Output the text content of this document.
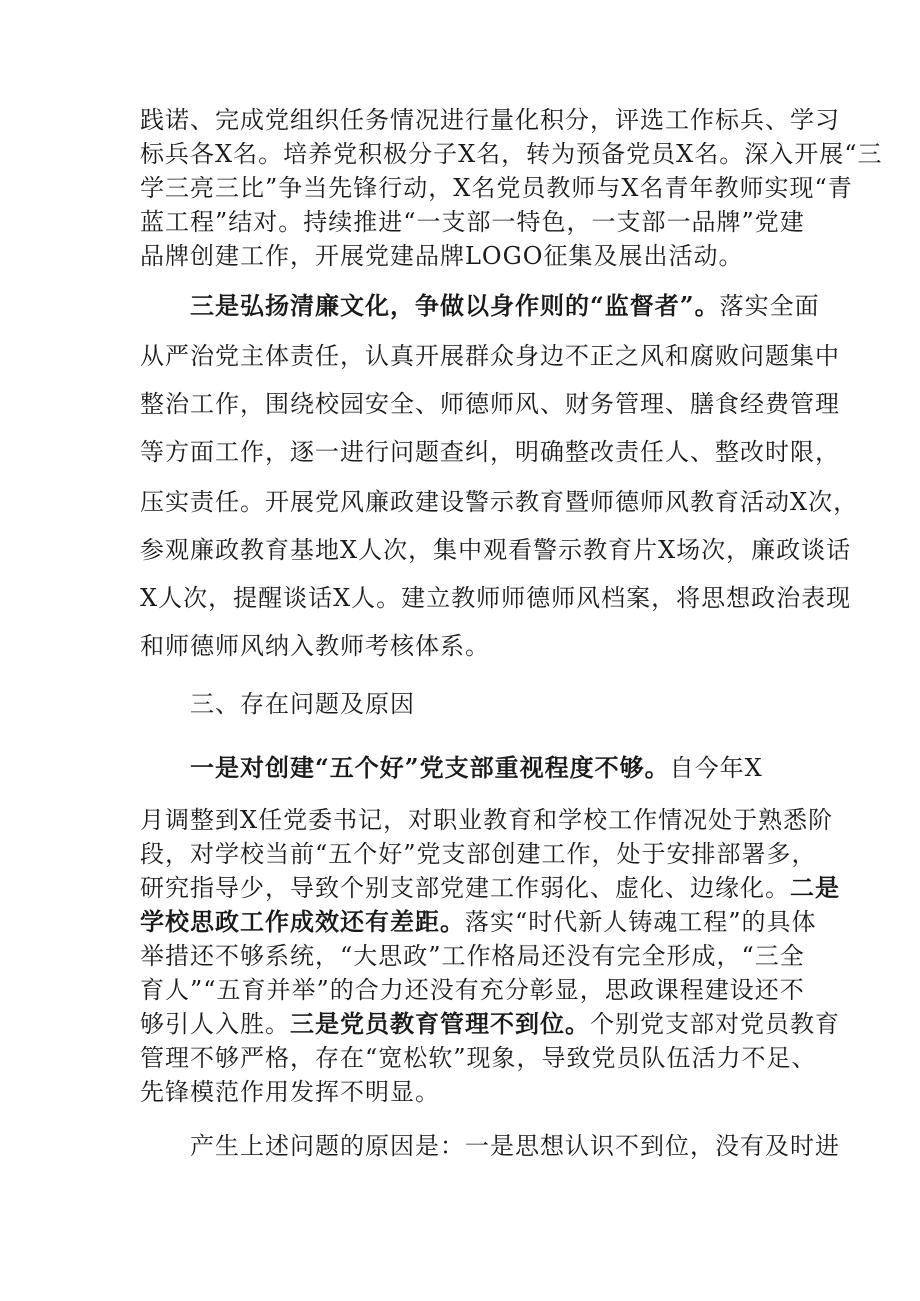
践诺、完成党组织任务情况进行量化积分，评选工作标兵、学习
标兵各X名。培养党积极分子X名，转为预备党员X名。深入开展“三
学三亮三比”争当先锋行动，X名党员教师与X名青年教师实现“青
蓝工程”结对。持续推进“一支部一特色，一支部一品牌”党建
品牌创建工作，开展党建品牌LOGO征集及展出活动。
三是弘扬清廉文化，争做以身作则的“监督者”。落实全面
从严治党主体责任，认真开展群众身边不正之风和腐败问题集中
整治工作，围绕校园安全、师德师风、财务管理、膳食经费管理
等方面工作，逐一进行问题查纠，明确整改责任人、整改时限，
压实责任。开展党风廉政建设警示教育暨师德师风教育活动X次，
参观廉政教育基地X人次，集中观看警示教育片X场次，廉政谈话
X人次，提醒谈话X人。建立教师师德师风档案，将思想政治表现
和师德师风纳入教师考核体系。
三、存在问题及原因
一是对创建“五个好”党支部重视程度不够。自今年X
月调整到X任党委书记，对职业教育和学校工作情况处于熟悉阶
段，对学校当前“五个好”党支部创建工作，处于安排部署多，
研究指导少，导致个别支部党建工作弱化、虚化、边缘化。二是
学校思政工作成效还有差距。落实“时代新人铸魂工程”的具体
举措还不够系统，“大思政”工作格局还没有完全形成，“三全
育人”“五育并举”的合力还没有充分彰显，思政课程建设还不
够引人入胜。三是党员教育管理不到位。个别党支部对党员教育
管理不够严格，存在“宽松软”现象，导致党员队伍活力不足、
先锋模范作用发挥不明显。
产生上述问题的原因是：一是思想认识不到位，没有及时进
